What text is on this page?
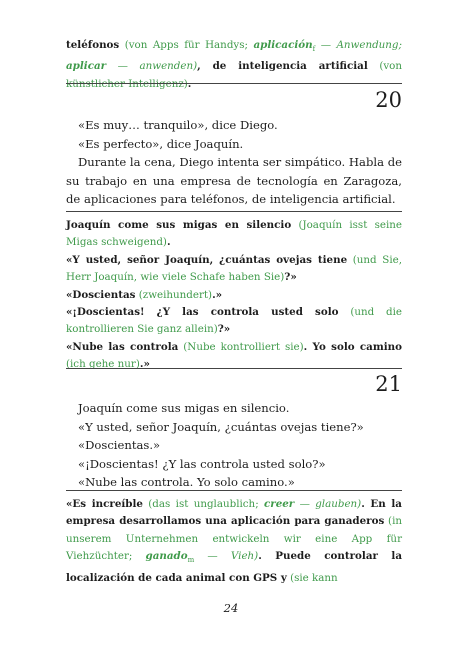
teléfonos (von Apps für Handys; aplicación$_f$ — Anwendung; aplicar — anwenden), de inteligencia artificial (von künstlicher Intelligenz).

20

«Es muy… tranquilo», dice Diego.

«Es perfecto», dice Joaquín.

Durante la cena, Diego intenta ser simpático. Habla de su trabajo en una empresa de tecnología en Zaragoza, de aplicaciones para teléfonos, de inteligencia artificial.

Joaquín come sus migas en silencio (Joaquín isst seine Migas schweigend).

«Y usted, señor Joaquín, ¿cuántas ovejas tiene (und Sie, Herr Joaquín, wie viele Schafe haben Sie)?»

«Doscientas (zweihundert).»

«¡Doscientas! ¿Y las controla usted solo (und die kontrollieren Sie ganz allein)?»

«Nube las controla (Nube kontrolliert sie). Yo solo camino (ich gehe nur).»

21

Joaquín come sus migas en silencio.

«Y usted, señor Joaquín, ¿cuántas ovejas tiene?»

«Doscientas.»

«¡Doscientas! ¿Y las controla usted solo?»

«Nube las controla. Yo solo camino.»

«Es increíble (das ist unglaublich; creer — glauben). En la empresa desarrollamos una aplicación para ganaderos (in unserem Unternehmen entwickeln wir eine App für Viehzüchter; ganado$_m$ — Vieh). Puede controlar la localización de cada animal con GPS y (sie kann

24
